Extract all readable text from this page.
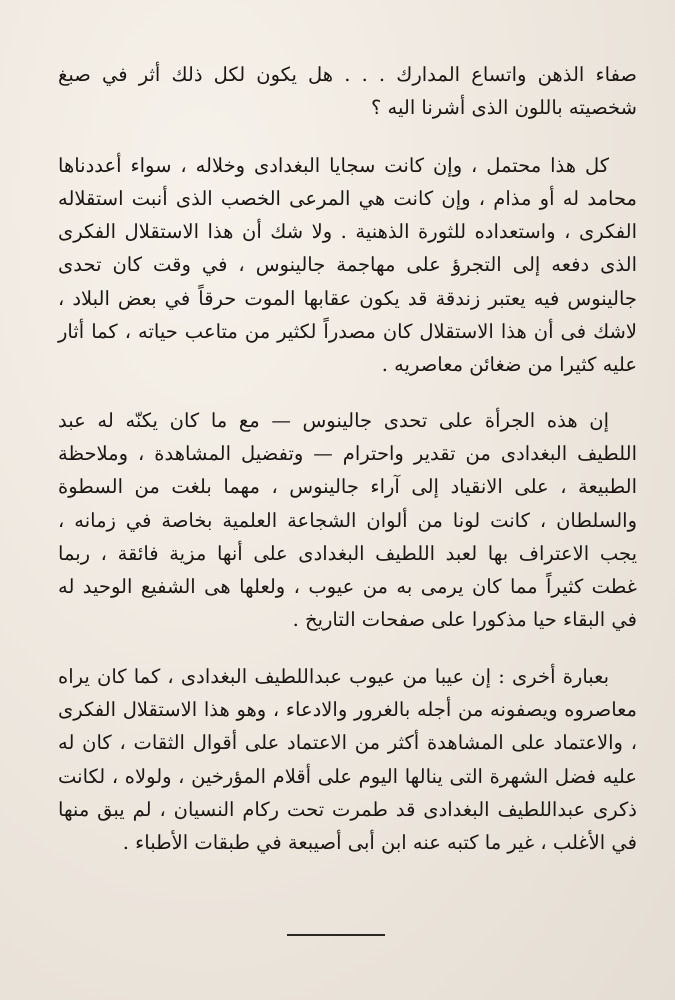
صفاء الذهن واتساع المدارك . . . هل يكون لكل ذلك أثر في صبغ شخصيته باللون الذى أشرنا اليه ؟

كل هذا محتمل ، وإن كانت سجايا البغدادى وخلاله ، سواء أعددناها محامد له أو مذام ، وإن كانت هي المرعى الخصب الذى أنبت استقلاله الفكرى ، واستعداده للثورة الذهنية . ولا شك أن هذا الاستقلال الفكرى الذى دفعه إلى التجرؤ على مهاجمة جالينوس ، في وقت كان تحدى جالينوس فيه يعتبر زندقة قد يكون عقابها الموت حرقاً في بعض البلاد ، لاشك فى أن هذا الاستقلال كان مصدراً لكثير من متاعب حياته ، كما أثار عليه كثيرا من ضغائن معاصريه .

إن هذه الجرأة على تحدى جالينوس — مع ما كان يكنّه له عبد اللطيف البغدادى من تقدير واحترام — وتفضيل المشاهدة ، وملاحظة الطبيعة ، على الانقياد إلى آراء جالينوس ، مهما بلغت من السطوة والسلطان ، كانت لونا من ألوان الشجاعة العلمية بخاصة في زمانه ، يجب الاعتراف بها لعبد اللطيف البغدادى على أنها مزية فائقة ، ربما غطت كثيراً مما كان يرمى به من عيوب ، ولعلها هى الشفيع الوحيد له في البقاء حيا مذكورا على صفحات التاريخ .

بعبارة أخرى : إن عيبا من عيوب عبداللطيف البغدادى ، كما كان يراه معاصروه ويصفونه من أجله بالغرور والادعاء ، وهو هذا الاستقلال الفكرى ، والاعتماد على المشاهدة أكثر من الاعتماد على أقوال الثقات ، كان له عليه فضل الشهرة التى ينالها اليوم على أقلام المؤرخين ، ولولاه ، لكانت ذكرى عبداللطيف البغدادى قد طمرت تحت ركام النسيان ، لم يبق منها في الأغلب ، غير ما كتبه عنه ابن أبى أصيبعة في طبقات الأطباء .
